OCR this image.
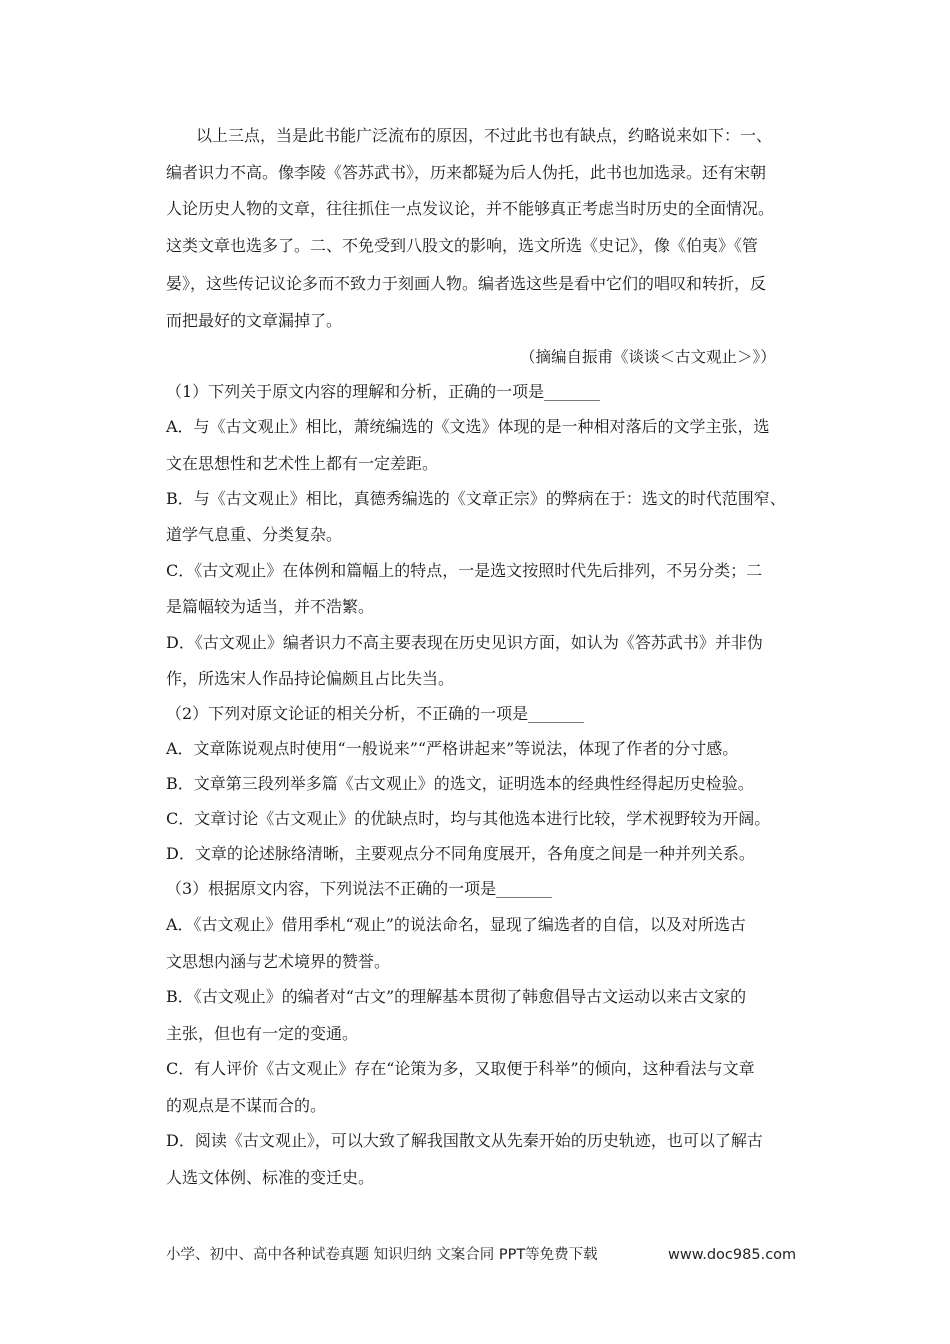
以上三点，当是此书能广泛流布的原因，不过此书也有缺点，约略说来如下：一、
编者识力不高。像李陵《答苏武书》，历来都疑为后人伪托，此书也加选录。还有宋朝
人论历史人物的文章，往往抓住一点发议论，并不能够真正考虑当时历史的全面情况。
这类文章也选多了。二、不免受到八股文的影响，选文所选《史记》，像《伯夷》《管
晏》，这些传记议论多而不致力于刻画人物。编者选这些是看中它们的唱叹和转折，反
而把最好的文章漏掉了。
（摘编自振甫《谈谈＜古文观止＞》）
（1）下列关于原文内容的理解和分析，正确的一项是_______
A．与《古文观止》相比，萧统编选的《文选》体现的是一种相对落后的文学主张，选
文在思想性和艺术性上都有一定差距。
B．与《古文观止》相比，真德秀编选的《文章正宗》的弊病在于：选文的时代范围窄、
道学气息重、分类复杂。
C．《古文观止》在体例和篇幅上的特点，一是选文按照时代先后排列，不另分类；二
是篇幅较为适当，并不浩繁。
D．《古文观止》编者识力不高主要表现在历史见识方面，如认为《答苏武书》并非伪
作，所选宋人作品持论偏颇且占比失当。
（2）下列对原文论证的相关分析，不正确的一项是_______
A．文章陈说观点时使用“一般说来”“严格讲起来”等说法，体现了作者的分寸感。
B．文章第三段列举多篇《古文观止》的选文，证明选本的经典性经得起历史检验。
C．文章讨论《古文观止》的优缺点时，均与其他选本进行比较，学术视野较为开阔。
D．文章的论述脉络清晰，主要观点分不同角度展开，各角度之间是一种并列关系。
（3）根据原文内容，下列说法不正确的一项是_______
A．《古文观止》借用季札“观止”的说法命名，显现了编选者的自信，以及对所选古
文思想内涵与艺术境界的赞誉。
B．《古文观止》的编者对“古文”的理解基本贯彻了韩愈倡导古文运动以来古文家的
主张，但也有一定的变通。
C．有人评价《古文观止》存在“论策为多，又取便于科举”的倾向，这种看法与文章
的观点是不谋而合的。
D．阅读《古文观止》，可以大致了解我国散文从先秦开始的历史轨迹，也可以了解古
人选文体例、标准的变迁史。
小学、初中、高中各种试卷真题 知识归纳 文案合同 PPT等免费下载	www.doc985.com
